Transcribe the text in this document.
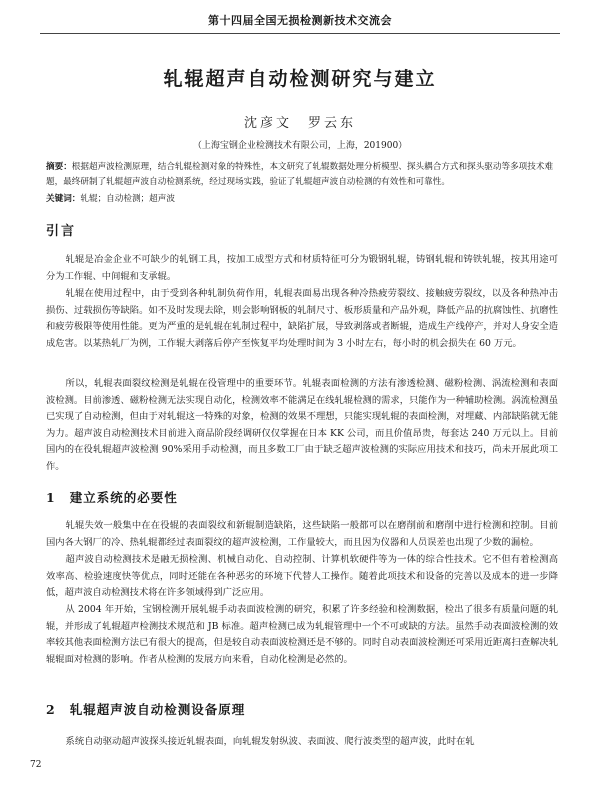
第十四届全国无损检测新技术交流会
轧辊超声自动检测研究与建立
沈彦文　罗云东
（上海宝钢企业检测技术有限公司，上海，201900）
摘要：根据超声波检测原理，结合轧辊检测对象的特殊性，本文研究了轧辊数据处理分析模型、探头耦合方式和探头驱动等多项技术难题，最终研制了轧辊超声波自动检测系统，经过现场实践，验证了轧辊超声波自动检测的有效性和可靠性。
关键词：轧辊；自动检测；超声波
引言

轧辊是冶金企业不可缺少的轧钢工具，按加工成型方式和材质特征可分为锻钢轧辊，铸钢轧辊和铸铁轧辊，按其用途可分为工作辊、中间辊和支承辊。

轧辊在使用过程中，由于受到各种轧制负荷作用，轧辊表面易出现各种冷热疲劳裂纹、接触疲劳裂纹，以及各种热冲击损伤、过载损伤等缺陷。如不及时发现去除，则会影响钢板的轧制尺寸、板形质量和产品外观，降低产品的抗腐蚀性、抗磨性和疲劳极限等使用性能。更为严重的是轧辊在轧制过程中，缺陷扩展，导致剥落或者断辊，造成生产线停产，并对人身安全造成危害。以某热轧厂为例，工作辊大剥落后停产至恢复平均处理时间为 3 小时左右，每小时的机会损失在 60 万元。

所以，轧辊表面裂纹检测是轧辊在役管理中的重要环节。轧辊表面检测的方法有渗透检测、磁粉检测、涡流检测和表面波检测。目前渗透、磁粉检测无法实现自动化，检测效率不能满足在线轧辊检测的需求，只能作为一种辅助检测。涡流检测虽已实现了自动检测，但由于对轧辊这一特殊的对象，检测的效果不理想，只能实现轧辊的表面检测，对埋藏、内部缺陷就无能为力。超声波自动检测技术目前进入商品阶段经调研仅仅掌握在日本 KK 公司，而且价值昂贵，每套达 240 万元以上。目前国内的在役轧辊超声波检测 90%采用手动检测，而且多数工厂由于缺乏超声波检测的实际应用技术和技巧，尚未开展此项工作。

1 建立系统的必要性

轧辊失效一般集中在在役辊的表面裂纹和新辊制造缺陷，这些缺陷一般都可以在磨削前和磨削中进行检测和控制。目前国内各大钢厂的冷、热轧辊都经过表面裂纹的超声波检测，工作量较大，而且因为仪器和人员误差也出现了少数的漏检。

超声波自动检测技术是融无损检测、机械自动化、自动控制、计算机软硬件等为一体的综合性技术。它不但有着检测高效率高、检验速度快等优点，同时还能在各种恶劣的环境下代替人工操作。随着此项技术和设备的完善以及成本的进一步降低，超声波自动检测技术将在许多领域得到广泛应用。

从 2004 年开始，宝钢检测开展轧辊手动表面波检测的研究，积累了许多经验和检测数据，检出了很多有质量问题的轧辊，并形成了轧辊超声检测技术规范和 JB 标准。超声检测已成为轧辊管理中一个不可或缺的方法。虽然手动表面波检测的效率较其他表面检测方法已有很大的提高，但是较自动表面波检测还是不够的。同时自动表面波检测还可采用近距离扫查解决轧辊辊面对检测的影响。作者从检测的发展方向来看，自动化检测是必然的。

2 轧辊超声波自动检测设备原理

系统自动驱动超声波探头接近轧辊表面，向轧辊发射纵波、表面波、爬行波类型的超声波，此时在轧

72
